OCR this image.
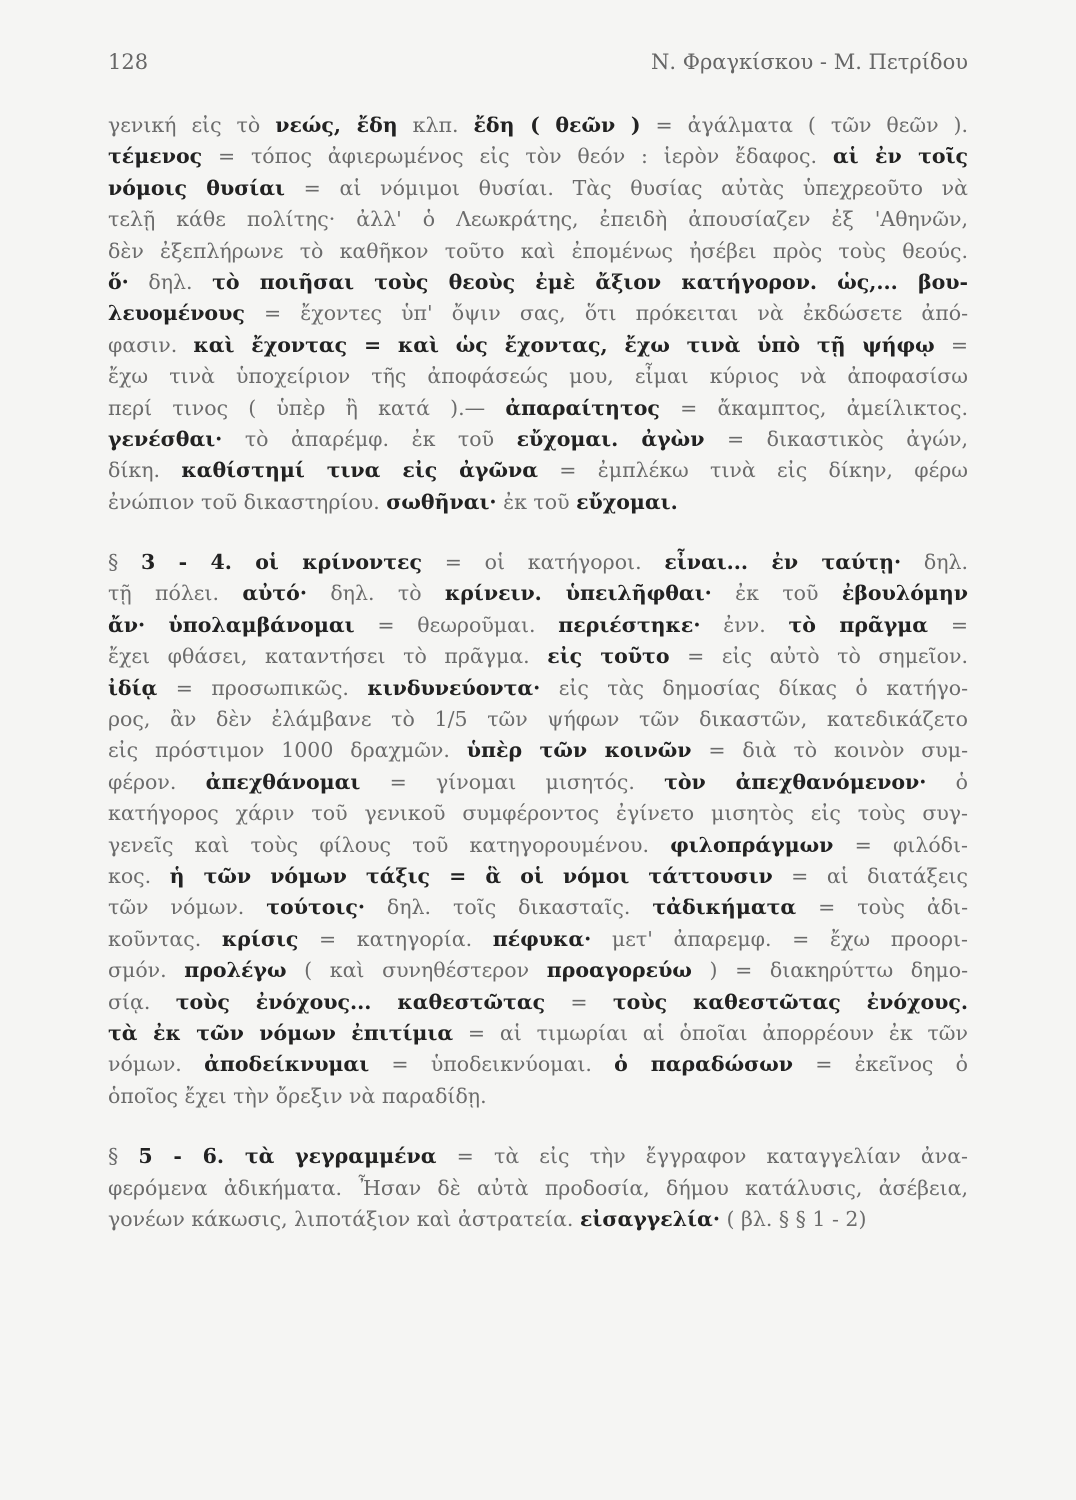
128	Ν. Φραγκίσκου - Μ. Πετρίδου
γενική εἰς τὸ νεώς, ἔδη κλπ. ἔδη ( θεῶν ) = ἀγάλματα ( τῶν θεῶν ).
τέμενος = τόπος ἀφιερωμένος εἰς τὸν θεόν : ἱερὸν ἔδαφος. αἱ ἐν τοῖς
νόμοις θυσίαι = αἱ νόμιμοι θυσίαι. Τὰς θυσίας αὐτὰς ὑπεχρεοῦτο νὰ
τελῇ κάθε πολίτης· ἀλλ' ὁ Λεωκράτης, ἐπειδὴ ἀπουσίαζεν ἐξ 'Αθηνῶν,
δὲν ἐξεπλήρωνε τὸ καθῆκον τοῦτο καὶ ἐπομένως ἠσέβει πρὸς τοὺς θεούς.
ὅ· δηλ. τὸ ποιῆσαι τοὺς θεοὺς ἐμὲ ἄξιον κατήγορον. ὡς,... βου-
λευομένους = ἔχοντες ὑπ' ὄψιν σας, ὅτι πρόκειται νὰ ἐκδώσετε ἀπό-
φασιν. καὶ ἔχοντας = καὶ ὡς ἔχοντας, ἔχω τινὰ ὑπὸ τῇ ψήφῳ =
ἔχω τινὰ ὑποχείριον τῆς ἀποφάσεώς μου, εἶμαι κύριος νὰ ἀποφασίσω
περί τινος ( ὑπὲρ ἢ κατά ).— ἀπαραίτητος = ἄκαμπτος, ἀμείλικτος.
γενέσθαι· τὸ ἀπαρέμφ. ἐκ τοῦ εὔχομαι. ἀγὼν = δικαστικὸς ἀγών,
δίκη. καθίστημί τινα εἰς ἀγῶνα = ἐμπλέκω τινὰ εἰς δίκην, φέρω
ἐνώπιον τοῦ δικαστηρίου. σωθῆναι· ἐκ τοῦ εὔχομαι.
§ 3 - 4. οἱ κρίνοντες = οἱ κατήγοροι. εἶναι... ἐν ταύτῃ· δηλ.
τῇ πόλει. αὐτό· δηλ. τὸ κρίνειν. ὑπειλῆφθαι· ἐκ τοῦ ἐβουλόμην
ἄν· ὑπολαμβάνομαι = θεωροῦμαι. περιέστηκε· ἐνν. τὸ πρᾶγμα =
ἔχει φθάσει, καταντήσει τὸ πρᾶγμα. εἰς τοῦτο = εἰς αὐτὸ τὸ σημεῖον.
ἰδίᾳ = προσωπικῶς. κινδυνεύοντα· εἰς τὰς δημοσίας δίκας ὁ κατήγο-
ρος, ἂν δὲν ἐλάμβανε τὸ 1/5 τῶν ψήφων τῶν δικαστῶν, κατεδικάζετο
εἰς πρόστιμον 1000 δραχμῶν. ὑπὲρ τῶν κοινῶν = διὰ τὸ κοινὸν συμ-
φέρον. ἀπεχθάνομαι = γίνομαι μισητός. τὸν ἀπεχθανόμενον· ὁ
κατήγορος χάριν τοῦ γενικοῦ συμφέροντος ἐγίνετο μισητὸς εἰς τοὺς συγ-
γενεῖς καὶ τοὺς φίλους τοῦ κατηγορουμένου. φιλοπράγμων = φιλόδι-
κος. ἡ τῶν νόμων τάξις = ἃ οἱ νόμοι τάττουσιν = αἱ διατάξεις
τῶν νόμων. τούτοις· δηλ. τοῖς δικασταῖς. τἀδικήματα = τοὺς ἀδι-
κοῦντας. κρίσις = κατηγορία. πέφυκα· μετ' ἀπαρεμφ. = ἔχω προορι-
σμόν. προλέγω ( καὶ συνηθέστερον προαγορεύω ) = διακηρύττω δημο-
σίᾳ. τοὺς ἐνόχους... καθεστῶτας = τοὺς καθεστῶτας ἐνόχους.
τὰ ἐκ τῶν νόμων ἐπιτίμια = αἱ τιμωρίαι αἱ ὁποῖαι ἀπορρέουν ἐκ τῶν
νόμων. ἀποδείκνυμαι = ὑποδεικνύομαι. ὁ παραδώσων = ἐκεῖνος ὁ
ὁποῖος ἔχει τὴν ὄρεξιν νὰ παραδίδῃ.
§ 5 - 6. τὰ γεγραμμένα = τὰ εἰς τὴν ἔγγραφον καταγγελίαν ἀνα-
φερόμενα ἀδικήματα. Ἦσαν δὲ αὐτὰ προδοσία, δήμου κατάλυσις, ἀσέβεια,
γονέων κάκωσις, λιποτάξιον καὶ ἀστρατεία. εἰσαγγελία· ( βλ. § § 1 - 2)
